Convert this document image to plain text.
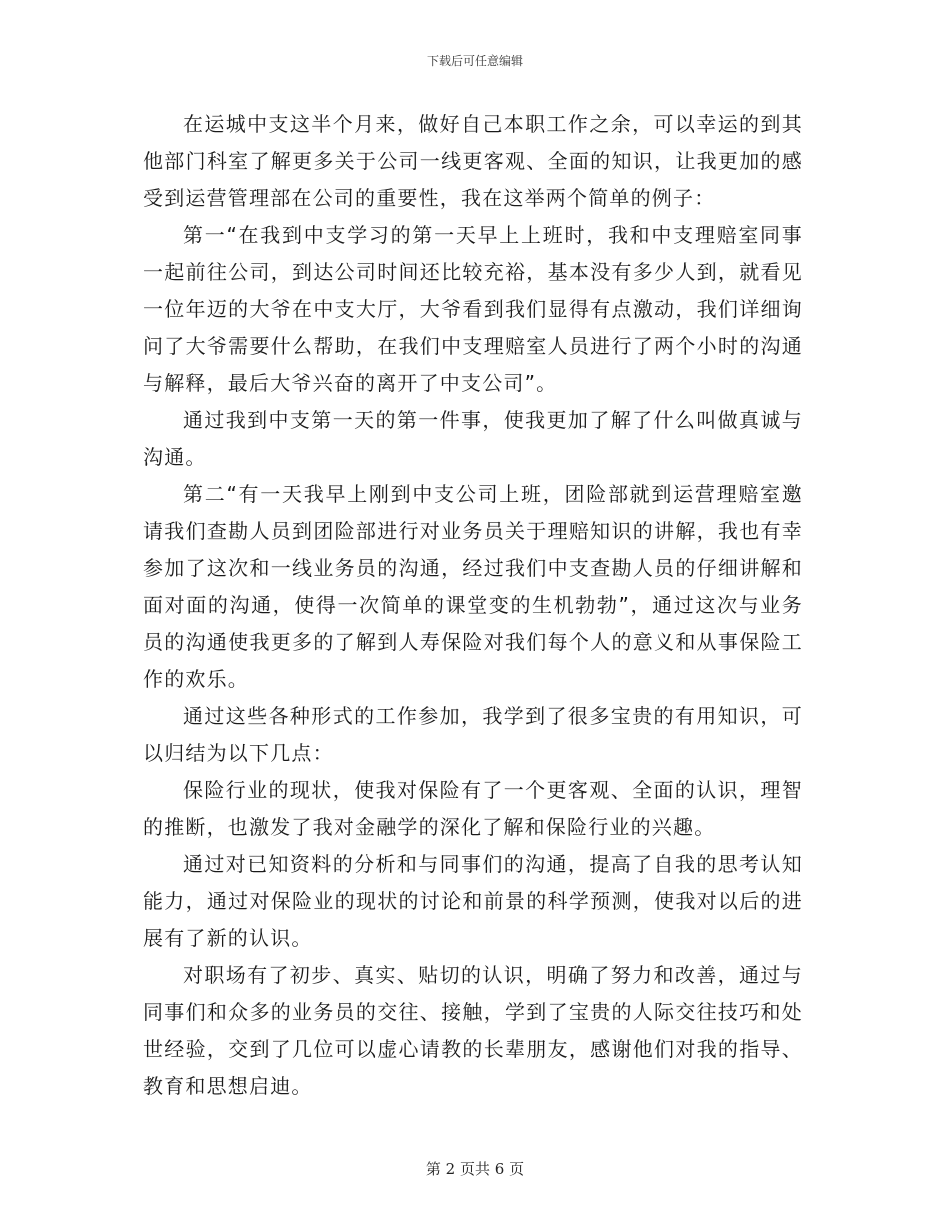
下载后可任意编辑

在运城中支这半个月来，做好自己本职工作之余，可以幸运的到其他部门科室了解更多关于公司一线更客观、全面的知识，让我更加的感受到运营管理部在公司的重要性，我在这举两个简单的例子：

第一“在我到中支学习的第一天早上上班时，我和中支理赔室同事一起前往公司，到达公司时间还比较充裕，基本没有多少人到，就看见一位年迈的大爷在中支大厅，大爷看到我们显得有点激动，我们详细询问了大爷需要什么帮助，在我们中支理赔室人员进行了两个小时的沟通与解释，最后大爷兴奋的离开了中支公司”。

通过我到中支第一天的第一件事，使我更加了解了什么叫做真诚与沟通。

第二“有一天我早上刚到中支公司上班，团险部就到运营理赔室邀请我们查勘人员到团险部进行对业务员关于理赔知识的讲解，我也有幸参加了这次和一线业务员的沟通，经过我们中支查勘人员的仔细讲解和面对面的沟通，使得一次简单的课堂变的生机勃勃”，通过这次与业务员的沟通使我更多的了解到人寿保险对我们每个人的意义和从事保险工作的欢乐。

通过这些各种形式的工作参加，我学到了很多宝贵的有用知识，可以归结为以下几点：

保险行业的现状，使我对保险有了一个更客观、全面的认识，理智的推断，也激发了我对金融学的深化了解和保险行业的兴趣。

通过对已知资料的分析和与同事们的沟通，提高了自我的思考认知能力，通过对保险业的现状的讨论和前景的科学预测，使我对以后的进展有了新的认识。

对职场有了初步、真实、贴切的认识，明确了努力和改善，通过与同事们和众多的业务员的交往、接触，学到了宝贵的人际交往技巧和处世经验，交到了几位可以虚心请教的长辈朋友，感谢他们对我的指导、教育和思想启迪。

第 2 页共 6 页
